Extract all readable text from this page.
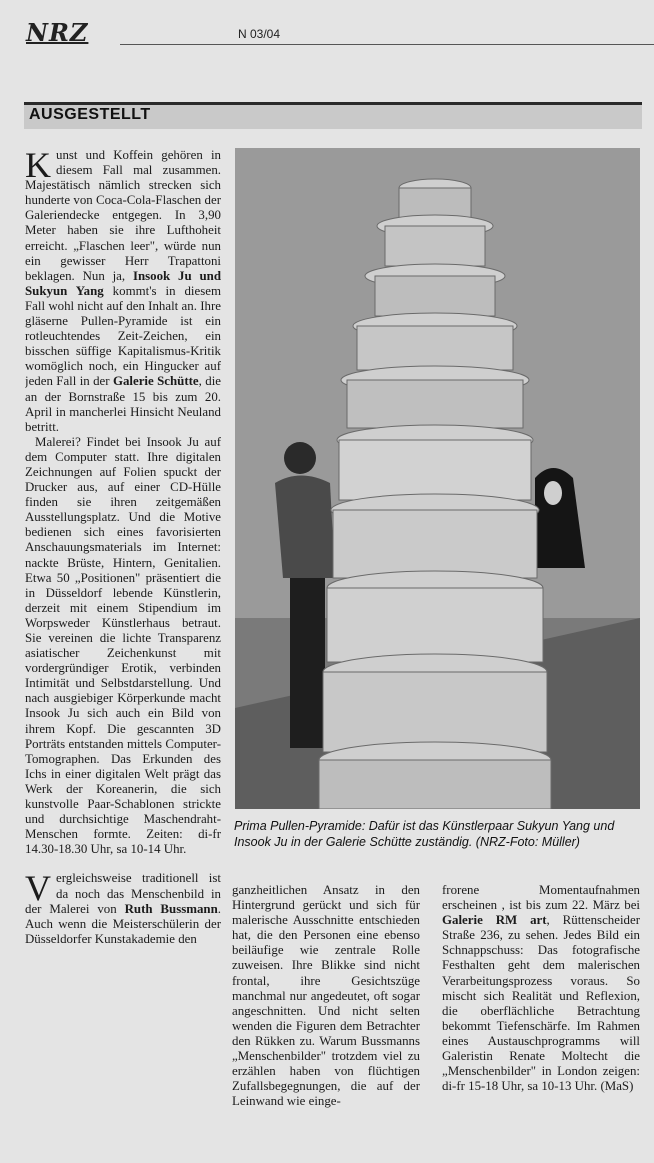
NRZ	N 03/04
AUSGESTELLT

Kunst und Koffein gehören in diesem Fall mal zusammen. Majestätisch nämlich strecken sich hunderte von Coca-Cola-Flaschen der Galeriendecke entgegen. In 3,90 Meter haben sie ihre Lufthoheit erreicht. „Flaschen leer", würde nun ein gewisser Herr Trapattoni beklagen. Nun ja, Insook Ju und Sukyun Yang kommt's in diesem Fall wohl nicht auf den Inhalt an. Ihre gläserne Pullen-Pyramide ist ein rotleuchtendes Zeit-Zeichen, ein bisschen süffige Kapitalismus-Kritik womöglich noch, ein Hingucker auf jeden Fall in der Galerie Schütte, die an der Bornstraße 15 bis zum 20. April in mancherlei Hinsicht Neuland betritt.

Malerei? Findet bei Insook Ju auf dem Computer statt. Ihre digitalen Zeichnungen auf Folien spuckt der Drucker aus, auf einer CD-Hülle finden sie ihren zeitgemäßen Ausstellungsplatz. Und die Motive bedienen sich eines favorisierten Anschauungsmaterials im Internet: nackte Brüste, Hintern, Genitalien. Etwa 50 „Positionen" präsentiert die in Düsseldorf lebende Künstlerin, derzeit mit einem Stipendium im Worpsweder Künstlerhaus betraut. Sie vereinen die lichte Transparenz asiatischer Zeichenkunst mit vordergründiger Erotik, verbinden Intimität und Selbstdarstellung. Und nach ausgiebiger Körperkunde macht Insook Ju sich auch ein Bild von ihrem Kopf. Die gescannten 3D Porträts entstanden mittels Computer-Tomographen. Das Erkunden des Ichs in einer digitalen Welt prägt das Werk der Koreanerin, die sich kunstvolle Paar-Schablonen strickte und durchsichtige Maschendraht-Menschen formte. Zeiten: di-fr 14.30-18.30 Uhr, sa 10-14 Uhr.

Vergleichsweise traditionell ist da noch das Menschenbild in der Malerei von Ruth Bussmann. Auch wenn die Meisterschülerin der Düsseldorfer Kunstakademie den

Prima Pullen-Pyramide: Dafür ist das Künstlerpaar Sukyun Yang und Insook Ju in der Galerie Schütte zuständig. (NRZ-Foto: Müller)

ganzheitlichen Ansatz in den Hintergrund gerückt und sich für malerische Ausschnitte entschieden hat, die den Personen eine ebenso beiläufige wie zentrale Rolle zuweisen. Ihre Blikke sind nicht frontal, ihre Gesichtszüge manchmal nur angedeutet, oft sogar angeschnitten. Und nicht selten wenden die Figuren dem Betrachter den Rükken zu. Warum Bussmanns „Menschenbilder" trotzdem viel zu erzählen haben von flüchtigen Zufallsbegegnungen, die auf der Leinwand wie einge-

frorene Momentaufnahmen erscheinen , ist bis zum 22. März bei Galerie RM art, Rüttenscheider Straße 236, zu sehen. Jedes Bild ein Schnappschuss: Das fotografische Festhalten geht dem malerischen Verarbeitungsprozess voraus. So mischt sich Realität und Reflexion, die oberflächliche Betrachtung bekommt Tiefenschärfe. Im Rahmen eines Austauschprogramms will Galeristin Renate Moltecht die „Menschenbilder" in London zeigen: di-fr 15-18 Uhr, sa 10-13 Uhr. (MaS)
